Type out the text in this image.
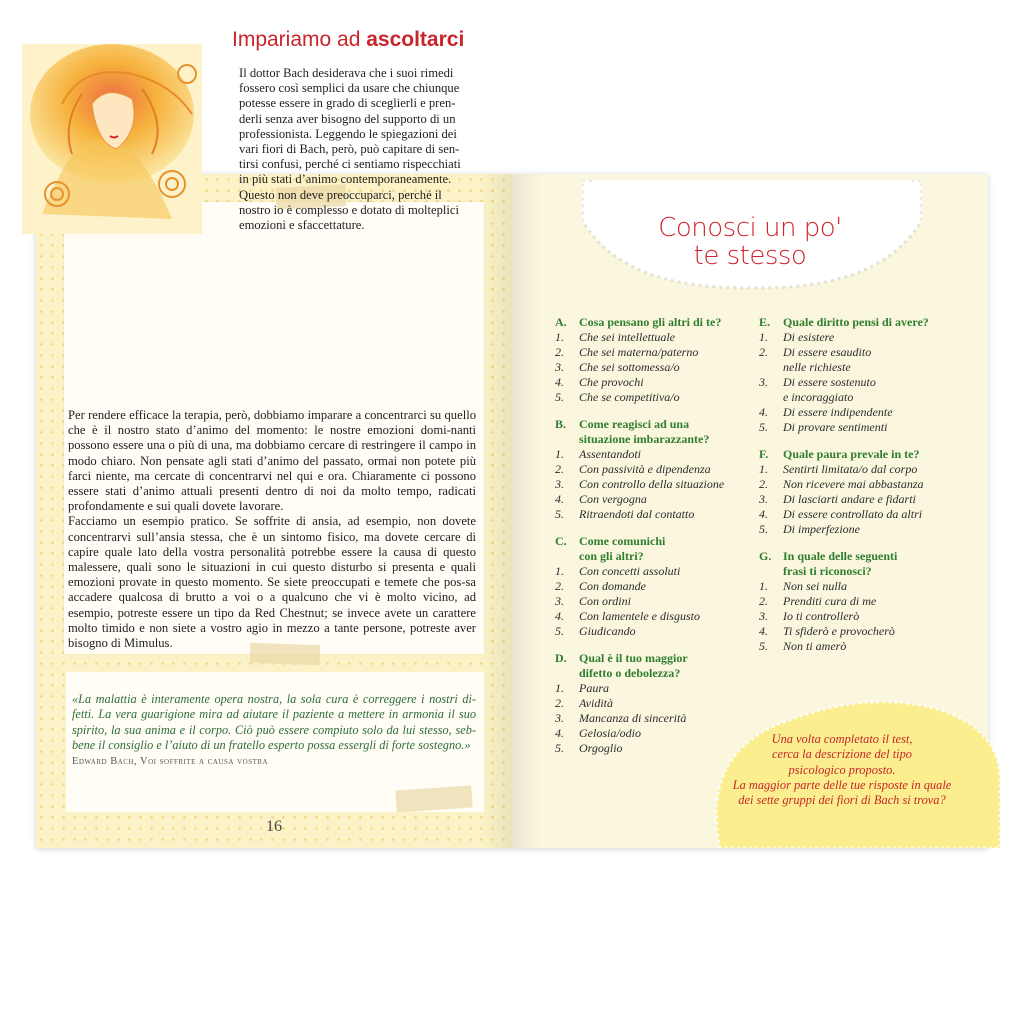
Impariamo ad ascoltarci
Il dottor Bach desiderava che i suoi rimedi
fossero così semplici da usare che chiunque
potesse essere in grado di sceglierli e pren-
derli senza aver bisogno del supporto di un
professionista. Leggendo le spiegazioni dei
vari fiori di Bach, però, può capitare di sen-
tirsi confusi, perché ci sentiamo rispecchiati
in più stati d’animo contemporaneamente.
Questo non deve preoccuparci, perché il
nostro io è complesso e dotato di molteplici
emozioni e sfaccettature.

Per rendere efficace la terapia, però, dobbiamo imparare a concentrarci su quello che è il nostro stato d’animo del momento: le nostre emozioni domi-nanti possono essere una o più di una, ma dobbiamo cercare di restringere il campo in modo chiaro. Non pensate agli stati d’animo del passato, ormai non potete più farci niente, ma cercate di concentrarvi nel qui e ora. Chiaramente ci possono essere stati d’animo attuali presenti dentro di noi da molto tempo, radicati profondamente e sui quali dovete lavorare.

Facciamo un esempio pratico. Se soffrite di ansia, ad esempio, non dovete concentrarvi sull’ansia stessa, che è un sintomo fisico, ma dovete cercare di capire quale lato della vostra personalità potrebbe essere la causa di questo malessere, quali sono le situazioni in cui questo disturbo si presenta e quali emozioni provate in questo momento. Se siete preoccupati e temete che pos-sa accadere qualcosa di brutto a voi o a qualcuno che vi è molto vicino, ad esempio, potreste essere un tipo da Red Chestnut; se invece avete un carattere molto timido e non siete a vostro agio in mezzo a tante persone, potreste aver bisogno di Mimulus.

«La malattia è interamente opera nostra, la sola cura è correggere i nostri di-fetti. La vera guarigione mira ad aiutare il paziente a mettere in armonia il suo spirito, la sua anima e il corpo. Ciò può essere compiuto solo da lui stesso, seb-bene il consiglio e l’aiuto di un fratello esperto possa essergli di forte sostegno.»
Edward Bach, Voi soffrite a causa vostra
16
Conosci un po'
te stesso
A.	Cosa pensano gli altri di te?
1.	Che sei intellettuale
2.	Che sei materna/paterno
3.	Che sei sottomessa/o
4.	Che provochi
5.	Che se competitiva/o
B.	Come reagisci ad una
situazione imbarazzante?
1.	Assentandoti
2.	Con passività e dipendenza
3.	Con controllo della situazione
4.	Con vergogna
5.	Ritraendoti dal contatto
C.	Come comunichi
con gli altri?
1.	Con concetti assoluti
2.	Con domande
3.	Con ordini
4.	Con lamentele e disgusto
5.	Giudicando
D.	Qual è il tuo maggior
difetto o debolezza?
1.	Paura
2.	Avidità
3.	Mancanza di sincerità
4.	Gelosia/odio
5.	Orgoglio
E.	Quale diritto pensi di avere?
1.	Di esistere
2.	Di essere esaudito
nelle richieste
3.	Di essere sostenuto
e incoraggiato
4.	Di essere indipendente
5.	Di provare sentimenti
F.	Quale paura prevale in te?
1.	Sentirti limitata/o dal corpo
2.	Non ricevere mai abbastanza
3.	Di lasciarti andare e fidarti
4.	Di essere controllato da altri
5.	Di imperfezione
G. In quale delle seguenti
frasi ti riconosci?
1.	Non sei nulla
2.	Prenditi cura di me
3.	Io ti controllerò
4.	Ti sfiderò e provocherò
5.	Non ti amerò
Una volta completato il test,
cerca la descrizione del tipo
psicologico proposto.
La maggior parte delle tue risposte in quale
dei sette gruppi dei fiori di Bach si trova?
